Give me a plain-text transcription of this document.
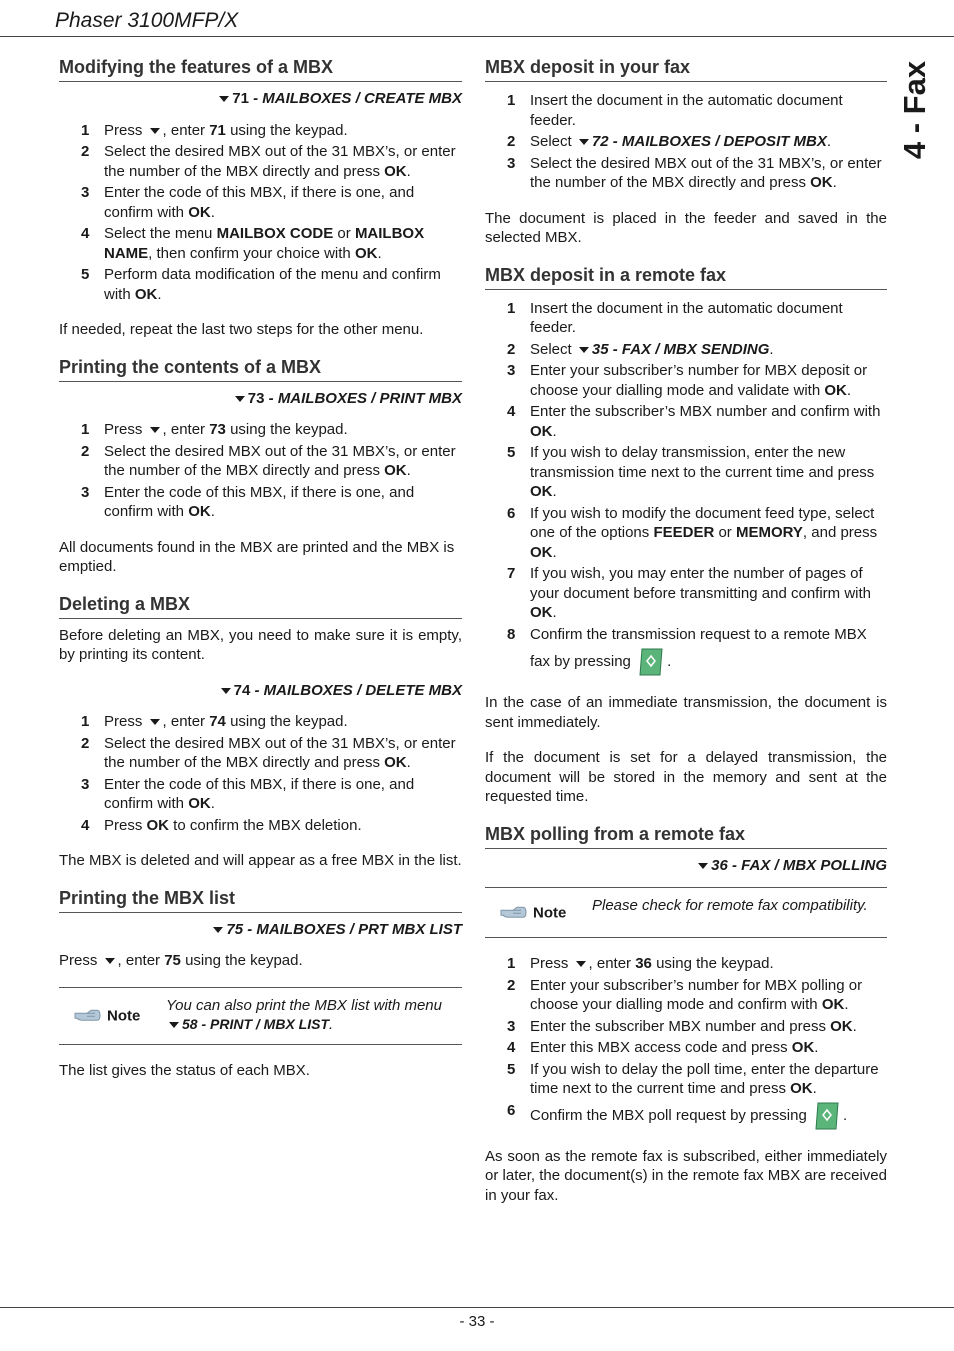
Phaser 3100MFP/X
4 - Fax
Modifying the features of a MBX
71 - MAILBOXES / CREATE MBX
1 Press , enter 71 using the keypad.
2 Select the desired MBX out of the 31 MBX’s, or enter the number of the MBX directly and press OK.
3 Enter the code of this MBX, if there is one, and confirm with OK.
4 Select the menu MAILBOX CODE or MAILBOX NAME, then confirm your choice with OK.
5 Perform data modification of the menu and confirm with OK.

If needed, repeat the last two steps for the other menu.

Printing the contents of a MBX
73 - MAILBOXES / PRINT MBX
1 Press , enter 73 using the keypad.
2 Select the desired MBX out of the 31 MBX’s, or enter the number of the MBX directly and press OK.
3 Enter the code of this MBX, if there is one, and confirm with OK.

All documents found in the MBX are printed and the MBX is emptied.

Deleting a MBX

Before deleting an MBX, you need to make sure it is empty, by printing its content.

74 - MAILBOXES / DELETE MBX
1 Press , enter 74 using the keypad.
2 Select the desired MBX out of the 31 MBX’s, or enter the number of the MBX directly and press OK.
3 Enter the code of this MBX, if there is one, and confirm with OK.
4 Press OK to confirm the MBX deletion.

The MBX is deleted and will appear as a free MBX in the list.

Printing the MBX list
75 - MAILBOXES / PRT MBX LIST

Press , enter 75 using the keypad.

Note
You can also print the MBX list with menu
58 - PRINT / MBX LIST.

The list gives the status of each MBX.

MBX deposit in your fax
1 Insert the document in the automatic document feeder.
2 Select 72 - MAILBOXES / DEPOSIT MBX.
3 Select the desired MBX out of the 31 MBX’s, or enter the number of the MBX directly and press OK.

The document is placed in the feeder and saved in the selected MBX.

MBX deposit in a remote fax
1 Insert the document in the automatic document feeder.
2 Select 35 - FAX / MBX SENDING.
3 Enter your subscriber’s number for MBX deposit or choose your dialling mode and validate with OK.
4 Enter the subscriber’s MBX number and confirm with OK.
5 If you wish to delay transmission, enter the new transmission time next to the current time and press OK.
6 If you wish to modify the document feed type, select one of the options FEEDER or MEMORY, and press OK.
7 If you wish, you may enter the number of pages of your document before transmitting and confirm with OK.
8 Confirm the transmission request to a remote MBX
fax by pressing .

In the case of an immediate transmission, the document is sent immediately.

If the document is set for a delayed transmission, the document will be stored in the memory and sent at the requested time.

MBX polling from a remote fax
36 - FAX / MBX POLLING
Note Please check for remote fax compatibility.
1 Press , enter 36 using the keypad.
2 Enter your subscriber’s number for MBX polling or choose your dialling mode and confirm with OK.
3 Enter the subscriber MBX number and press OK.
4 Enter this MBX access code and press OK.
5 If you wish to delay the poll time, enter the departure time next to the current time and press OK.
6 Confirm the MBX poll request by pressing .

As soon as the remote fax is subscribed, either immediately or later, the document(s) in the remote fax MBX are received in your fax.

- 33 -
